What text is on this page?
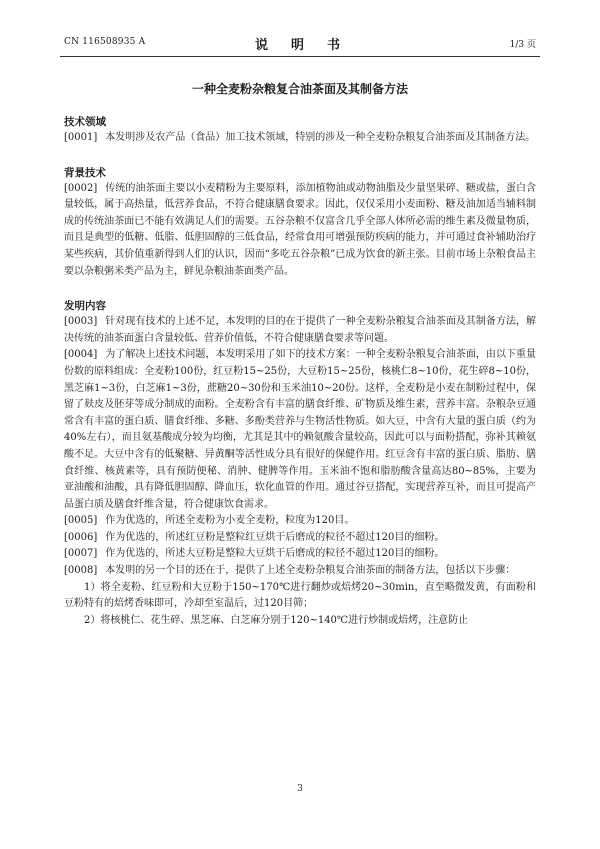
CN 116508935 A	说　明　书	1/3 页
一种全麦粉杂粮复合油茶面及其制备方法
技术领域

[0001] 本发明涉及农产品（食品）加工技术领域，特别的涉及一种全麦粉杂粮复合油茶面及其制备方法。

背景技术

[0002] 传统的油茶面主要以小麦精粉为主要原料，添加植物油或动物油脂及少量坚果碎、糖或盐，蛋白含量较低，属于高热量，低营养食品，不符合健康膳食要求。因此，仅仅采用小麦面粉、糖及油加适当辅料制成的传统油茶面已不能有效满足人们的需要。五谷杂粮不仅富含几乎全部人体所必需的维生素及微量物质，而且是典型的低糖、低脂、低胆固醇的三低食品，经常食用可增强预防疾病的能力，并可通过食补辅助治疗某些疾病，其价值重新得到人们的认识，因而“多吃五谷杂粮”已成为饮食的新主张。目前市场上杂粮食品主要以杂粮粥米类产品为主，鲜见杂粮油茶面类产品。

发明内容

[0003] 针对现有技术的上述不足，本发明的目的在于提供了一种全麦粉杂粮复合油茶面及其制备方法，解决传统的油茶面蛋白含量较低、营养价值低，不符合健康膳食要求等问题。

[0004] 为了解决上述技术问题，本发明采用了如下的技术方案：一种全麦粉杂粮复合油茶面，由以下重量份数的原料组成：全麦粉100份，红豆粉15~25份，大豆粉15~25份，核桃仁8~10份，花生碎8~10份，黑芝麻1~3份，白芝麻1~3份，蔗糖20~30份和玉米油10~20份。这样，全麦粉是小麦在制粉过程中，保留了麸皮及胚芽等成分制成的面粉。全麦粉含有丰富的膳食纤维、矿物质及维生素，营养丰富。杂粮杂豆通常含有丰富的蛋白质、膳食纤维、多糖、多酚类营养与生物活性物质。如大豆，中含有大量的蛋白质（约为40%左右），而且氨基酸成分较为均衡，尤其是其中的赖氨酸含量较高，因此可以与面粉搭配，弥补其赖氨酸不足。大豆中含有的低聚糖、异黄酮等活性成分具有很好的保健作用。红豆含有丰富的蛋白质、脂肪、膳食纤维、核黄素等，具有预防便秘、消肿、健脾等作用。玉米油不饱和脂肪酸含量高达80~85%，主要为亚油酸和油酸，具有降低胆固醇、降血压，软化血管的作用。通过谷豆搭配，实现营养互补，而且可提高产品蛋白质及膳食纤维含量，符合健康饮食需求。

[0005] 作为优选的，所述全麦粉为小麦全麦粉，粒度为120目。

[0006] 作为优选的，所述红豆粉是整粒红豆烘干后磨成的粒径不超过120目的细粉。

[0007] 作为优选的，所述大豆粉是整粒大豆烘干后磨成的粒径不超过120目的细粉。

[0008] 本发明的另一个目的还在于，提供了上述全麦粉杂粮复合油茶面的制备方法，包括以下步骤：

1）将全麦粉、红豆粉和大豆粉于150~170℃进行翻炒或焙烤20~30min，直至略微发黄，有面粉和豆粉特有的焙烤香味即可，冷却至室温后，过120目筛；

2）将核桃仁、花生碎、黑芝麻、白芝麻分别于120~140℃进行炒制或焙烤，注意防止

3
